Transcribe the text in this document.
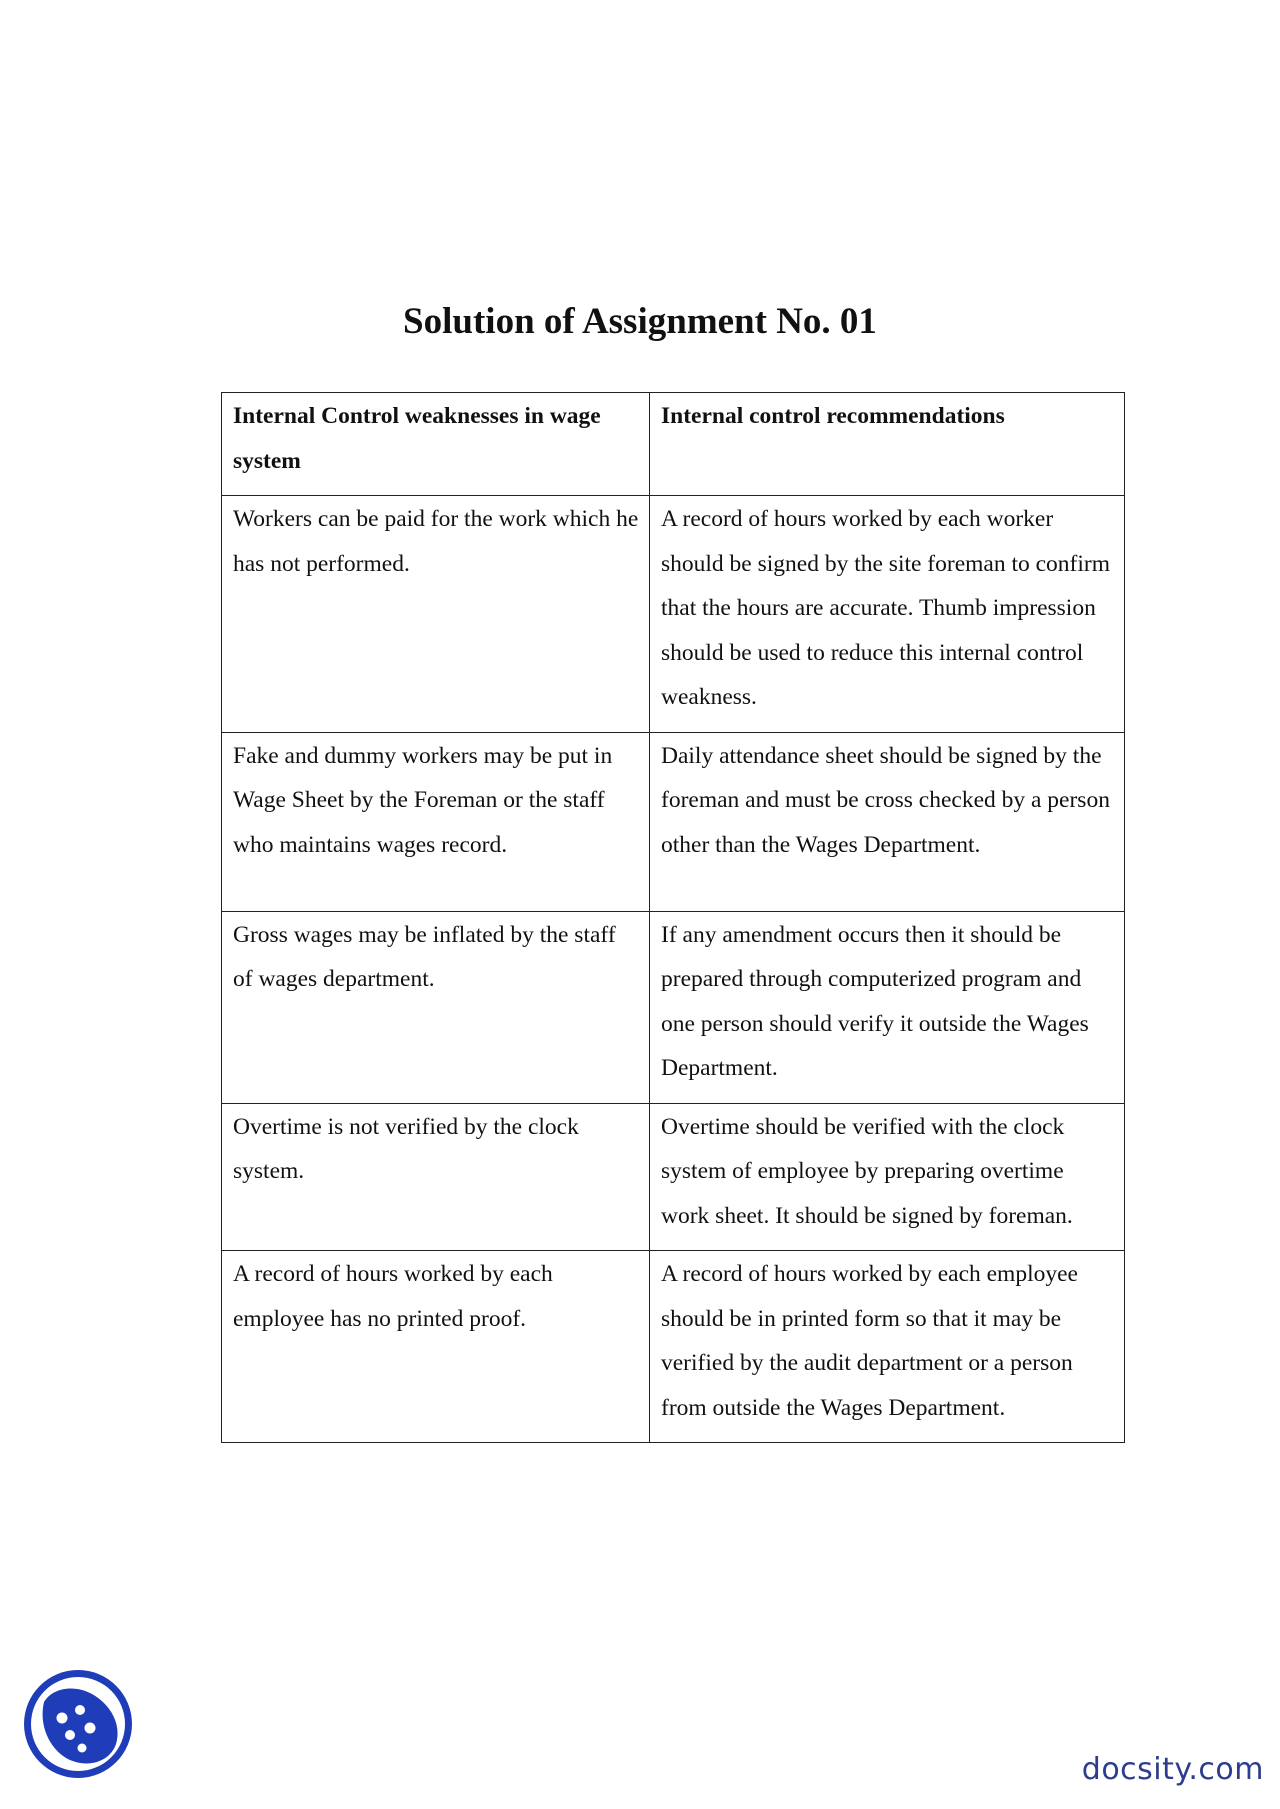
Solution of Assignment No. 01
Internal Control weaknesses in wage system	Internal control recommendations
Workers can be paid for the work which he has not performed.	A record of hours worked by each worker should be signed by the site foreman to confirm that the hours are accurate. Thumb impression should be used to reduce this internal control weakness.
Fake and dummy workers may be put in Wage Sheet by the Foreman or the staff who maintains wages record.	Daily attendance sheet should be signed by the foreman and must be cross checked by a person other than the Wages Department.
Gross wages may be inflated by the staff of wages department.	If any amendment occurs then it should be prepared through computerized program and one person should verify it outside the Wages Department.
Overtime is not verified by the clock system.	Overtime should be verified with the clock system of employee by preparing overtime work sheet. It should be signed by foreman.
A record of hours worked by each employee has no printed proof.	A record of hours worked by each employee should be in printed form so that it may be verified by the audit department or a person from outside the Wages Department.
docsity.com
